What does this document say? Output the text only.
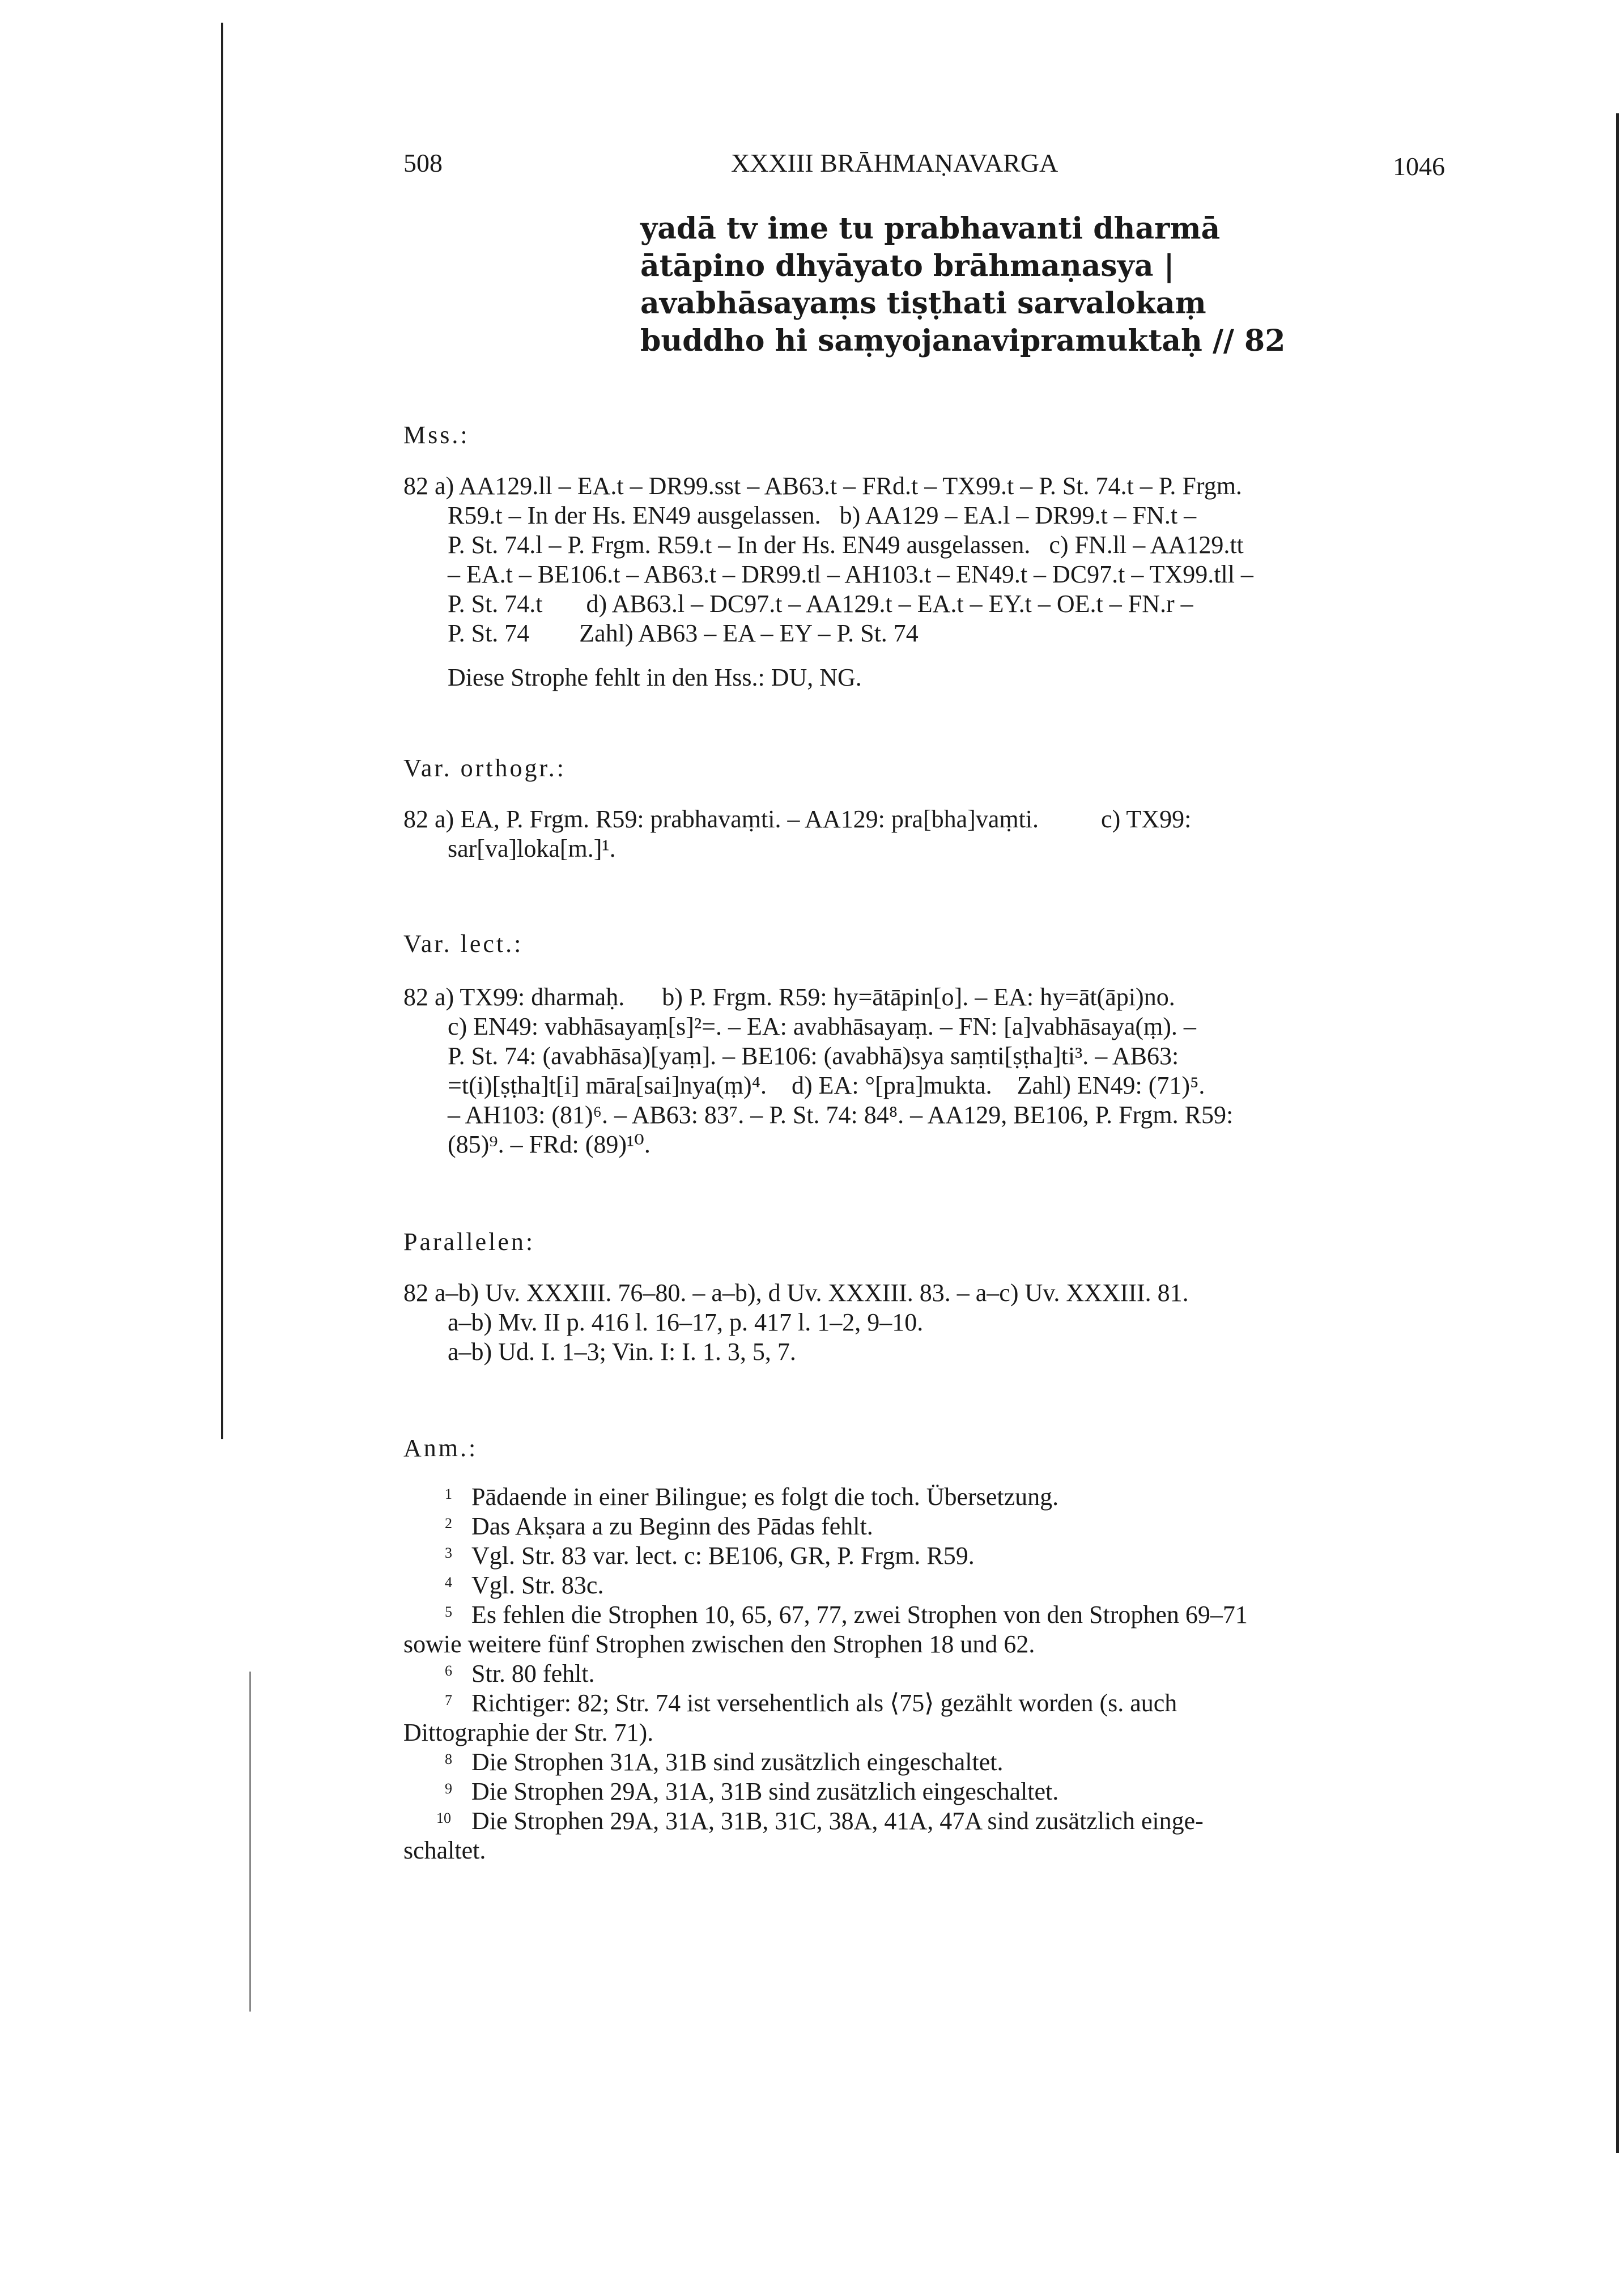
508	XXXIII BRĀHMAṆAVARGA	1046
yadā tv ime tu prabhavanti dharmā
ātāpino dhyāyato brāhmaṇasya |
avabhāsayaṃs tiṣṭhati sarvalokaṃ
buddho hi saṃyojanavipramuktaḥ // 82
Mss.:
82 a) AA129.ll – EA.t – DR99.sst – AB63.t – FRd.t – TX99.t – P. St. 74.t – P. Frgm.
R59.t – In der Hs. EN49 ausgelassen.   b) AA129 – EA.l – DR99.t – FN.t –
P. St. 74.l – P. Frgm. R59.t – In der Hs. EN49 ausgelassen.   c) FN.ll – AA129.tt
– EA.t – BE106.t – AB63.t – DR99.tl – AH103.t – EN49.t – DC97.t – TX99.tll –
P. St. 74.t       d) AB63.l – DC97.t – AA129.t – EA.t – EY.t – OE.t – FN.r –
P. St. 74        Zahl) AB63 – EA – EY – P. St. 74
Diese Strophe fehlt in den Hss.: DU, NG.
Var. orthogr.:
82 a) EA, P. Frgm. R59: prabhavaṃti. – AA129: pra[bha]vaṃti.          c) TX99:
sar[va]loka[m.]¹.
Var. lect.:
82 a) TX99: dharmaḥ.      b) P. Frgm. R59: hy=ātāpin[o]. – EA: hy=āt(āpi)no.
c) EN49: vabhāsayaṃ[s]²=. – EA: avabhāsayaṃ. – FN: [a]vabhāsaya(ṃ). –
P. St. 74: (avabhāsa)[yaṃ]. – BE106: (avabhā)sya saṃti[ṣṭha]ti³. – AB63:
=t(i)[ṣṭha]t[i] māra[sai]nya(ṃ)⁴.    d) EA: °[pra]mukta.    Zahl) EN49: (71)⁵.
– AH103: (81)⁶. – AB63: 83⁷. – P. St. 74: 84⁸. – AA129, BE106, P. Frgm. R59:
(85)⁹. – FRd: (89)¹⁰.
Parallelen:
82 a–b) Uv. XXXIII. 76–80. – a–b), d Uv. XXXIII. 83. – a–c) Uv. XXXIII. 81.
a–b) Mv. II p. 416 l. 16–17, p. 417 l. 1–2, 9–10.
a–b) Ud. I. 1–3; Vin. I: I. 1. 3, 5, 7.
Anm.:
1 Pādaende in einer Bilingue; es folgt die toch. Übersetzung.
2 Das Akṣara a zu Beginn des Pādas fehlt.
3 Vgl. Str. 83 var. lect. c: BE106, GR, P. Frgm. R59.
4 Vgl. Str. 83c.
5 Es fehlen die Strophen 10, 65, 67, 77, zwei Strophen von den Strophen 69–71
sowie weitere fünf Strophen zwischen den Strophen 18 und 62.
6 Str. 80 fehlt.
7 Richtiger: 82; Str. 74 ist versehentlich als ⟨75⟩ gezählt worden (s. auch
Dittographie der Str. 71).
8 Die Strophen 31A, 31B sind zusätzlich eingeschaltet.
9 Die Strophen 29A, 31A, 31B sind zusätzlich eingeschaltet.
10 Die Strophen 29A, 31A, 31B, 31C, 38A, 41A, 47A sind zusätzlich einge-
schaltet.
